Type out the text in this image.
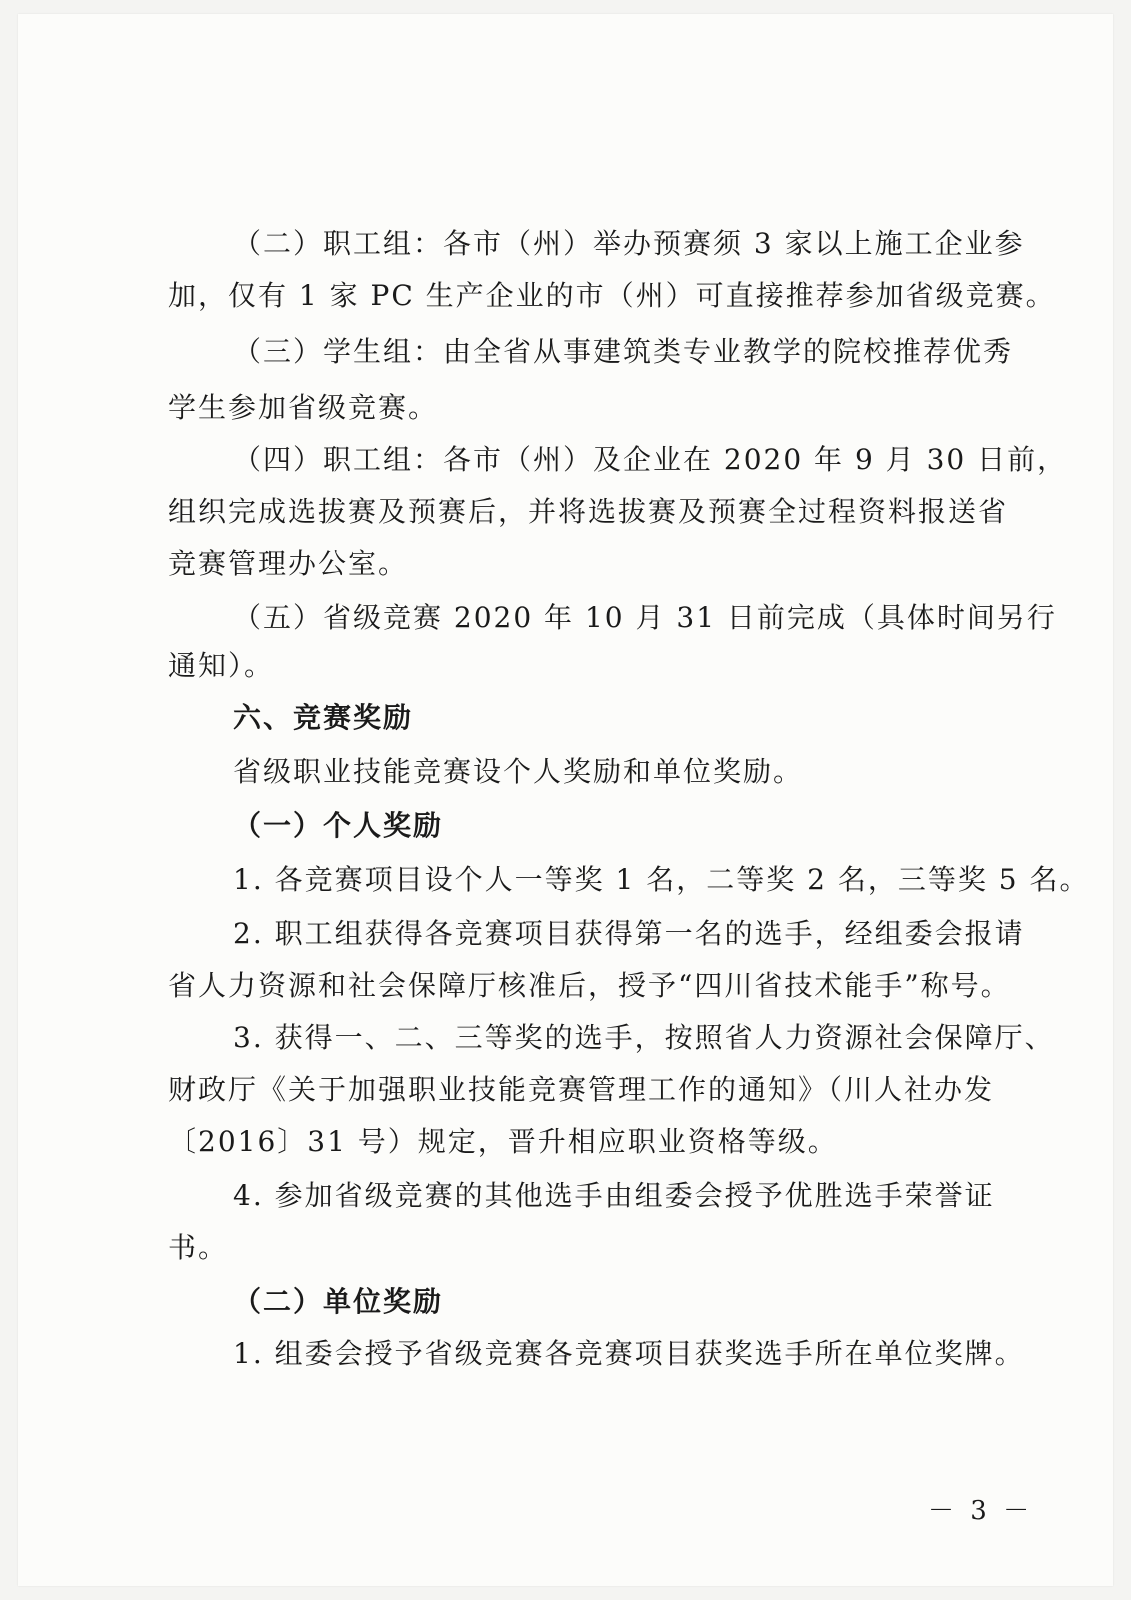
（二）职工组：各市（州）举办预赛须 3 家以上施工企业参
加，仅有 1 家 PC 生产企业的市（州）可直接推荐参加省级竞赛。
（三）学生组：由全省从事建筑类专业教学的院校推荐优秀
学生参加省级竞赛。
（四）职工组：各市（州）及企业在 2020 年 9 月 30 日前，
组织完成选拔赛及预赛后，并将选拔赛及预赛全过程资料报送省
竞赛管理办公室。
（五）省级竞赛 2020 年 10 月 31 日前完成（具体时间另行
通知）。
六、竞赛奖励
省级职业技能竞赛设个人奖励和单位奖励。
（一）个人奖励
1. 各竞赛项目设个人一等奖 1 名，二等奖 2 名，三等奖 5 名。
2. 职工组获得各竞赛项目获得第一名的选手，经组委会报请
省人力资源和社会保障厅核准后，授予“四川省技术能手”称号。
3. 获得一、二、三等奖的选手，按照省人力资源社会保障厅、
财政厅《关于加强职业技能竞赛管理工作的通知》（川人社办发
〔2016〕31 号）规定，晋升相应职业资格等级。
4. 参加省级竞赛的其他选手由组委会授予优胜选手荣誉证
书。
（二）单位奖励
1. 组委会授予省级竞赛各竞赛项目获奖选手所在单位奖牌。
－ 3 －
